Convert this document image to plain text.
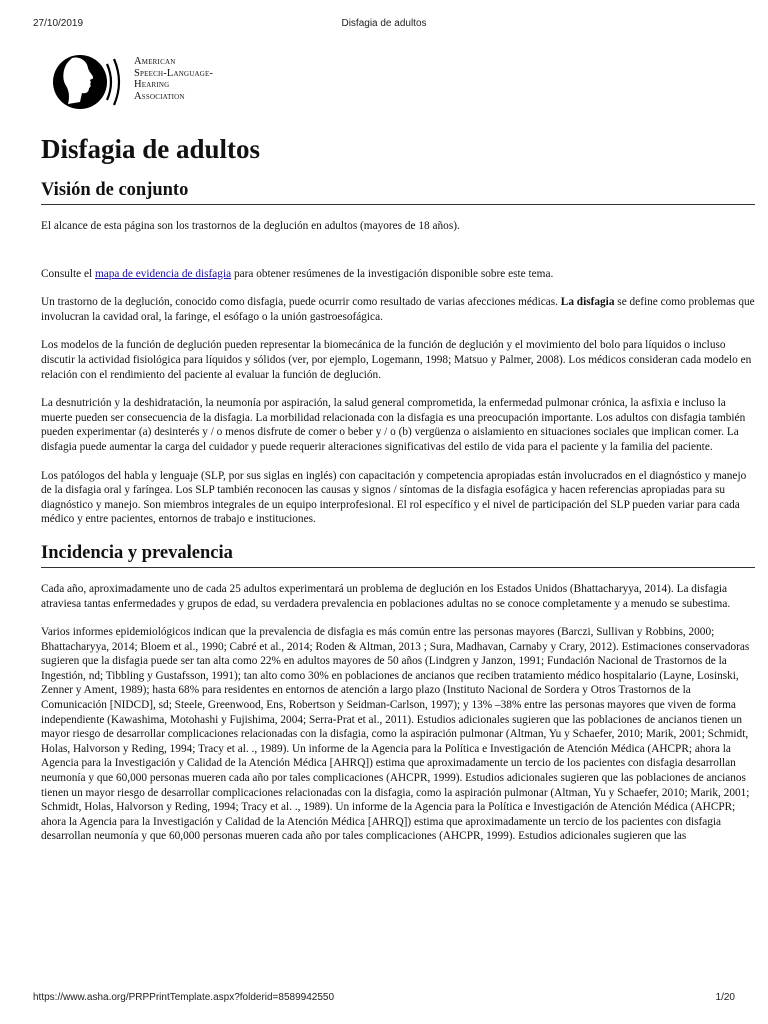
27/10/2019	Disfagia de adultos
American
Speech-Language-
Hearing
Association
Disfagia de adultos
Visión de conjunto

El alcance de esta página son los trastornos de la deglución en adultos (mayores de 18 años).

Consulte el mapa de evidencia de disfagia para obtener resúmenes de la investigación disponible sobre este tema.

Un trastorno de la deglución, conocido como disfagia, puede ocurrir como resultado de varias afecciones médicas. La disfagia se define como problemas que involucran la cavidad oral, la faringe, el esófago o la unión gastroesofágica.

Los modelos de la función de deglución pueden representar la biomecánica de la función de deglución y el movimiento del bolo para líquidos o incluso discutir la actividad fisiológica para líquidos y sólidos (ver, por ejemplo, Logemann, 1998; Matsuo y Palmer, 2008). Los médicos consideran cada modelo en relación con el rendimiento del paciente al evaluar la función de deglución.

La desnutrición y la deshidratación, la neumonía por aspiración, la salud general comprometida, la enfermedad pulmonar crónica, la asfixia e incluso la muerte pueden ser consecuencia de la disfagia. La morbilidad relacionada con la disfagia es una preocupación importante. Los adultos con disfagia también pueden experimentar (a) desinterés y / o menos disfrute de comer o beber y / o (b) vergüenza o aislamiento en situaciones sociales que implican comer. La disfagia puede aumentar la carga del cuidador y puede requerir alteraciones significativas del estilo de vida para el paciente y la familia del paciente.

Los patólogos del habla y lenguaje (SLP, por sus siglas en inglés) con capacitación y competencia apropiadas están involucrados en el diagnóstico y manejo de la disfagia oral y faríngea. Los SLP también reconocen las causas y signos / síntomas de la disfagia esofágica y hacen referencias apropiadas para su diagnóstico y manejo. Son miembros integrales de un equipo interprofesional. El rol específico y el nivel de participación del SLP pueden variar para cada médico y entre pacientes, entornos de trabajo e instituciones.

Incidencia y prevalencia

Cada año, aproximadamente uno de cada 25 adultos experimentará un problema de deglución en los Estados Unidos (Bhattacharyya, 2014). La disfagia atraviesa tantas enfermedades y grupos de edad, su verdadera prevalencia en poblaciones adultas no se conoce completamente y a menudo se subestima.

Varios informes epidemiológicos indican que la prevalencia de disfagia es más común entre las personas mayores (Barczi, Sullivan y Robbins, 2000; Bhattacharyya, 2014; Bloem et al., 1990; Cabré et al., 2014; Roden & Altman, 2013 ; Sura, Madhavan, Carnaby y Crary, 2012). Estimaciones conservadoras sugieren que la disfagia puede ser tan alta como 22% en adultos mayores de 50 años (Lindgren y Janzon, 1991; Fundación Nacional de Trastornos de la Ingestión, nd; Tibbling y Gustafsson, 1991); tan alto como 30% en poblaciones de ancianos que reciben tratamiento médico hospitalario (Layne, Losinski, Zenner y Ament, 1989); hasta 68% para residentes en entornos de atención a largo plazo (Instituto Nacional de Sordera y Otros Trastornos de la Comunicación [NIDCD], sd; Steele, Greenwood, Ens, Robertson y Seidman-Carlson, 1997); y 13% –38% entre las personas mayores que viven de forma independiente (Kawashima, Motohashi y Fujishima, 2004; Serra-Prat et al., 2011). Estudios adicionales sugieren que las poblaciones de ancianos tienen un mayor riesgo de desarrollar complicaciones relacionadas con la disfagia, como la aspiración pulmonar (Altman, Yu y Schaefer, 2010; Marik, 2001; Schmidt, Holas, Halvorson y Reding, 1994; Tracy et al. ., 1989). Un informe de la Agencia para la Política e Investigación de Atención Médica (AHCPR; ahora la Agencia para la Investigación y Calidad de la Atención Médica [AHRQ]) estima que aproximadamente un tercio de los pacientes con disfagia desarrollan neumonía y que 60,000 personas mueren cada año por tales complicaciones (AHCPR, 1999). Estudios adicionales sugieren que las poblaciones de ancianos tienen un mayor riesgo de desarrollar complicaciones relacionadas con la disfagia, como la aspiración pulmonar (Altman, Yu y Schaefer, 2010; Marik, 2001; Schmidt, Holas, Halvorson y Reding, 1994; Tracy et al. ., 1989). Un informe de la Agencia para la Política e Investigación de Atención Médica (AHCPR; ahora la Agencia para la Investigación y Calidad de la Atención Médica [AHRQ]) estima que aproximadamente un tercio de los pacientes con disfagia desarrollan neumonía y que 60,000 personas mueren cada año por tales complicaciones (AHCPR, 1999). Estudios adicionales sugieren que las

https://www.asha.org/PRPPrintTemplate.aspx?folderid=8589942550	1/20
